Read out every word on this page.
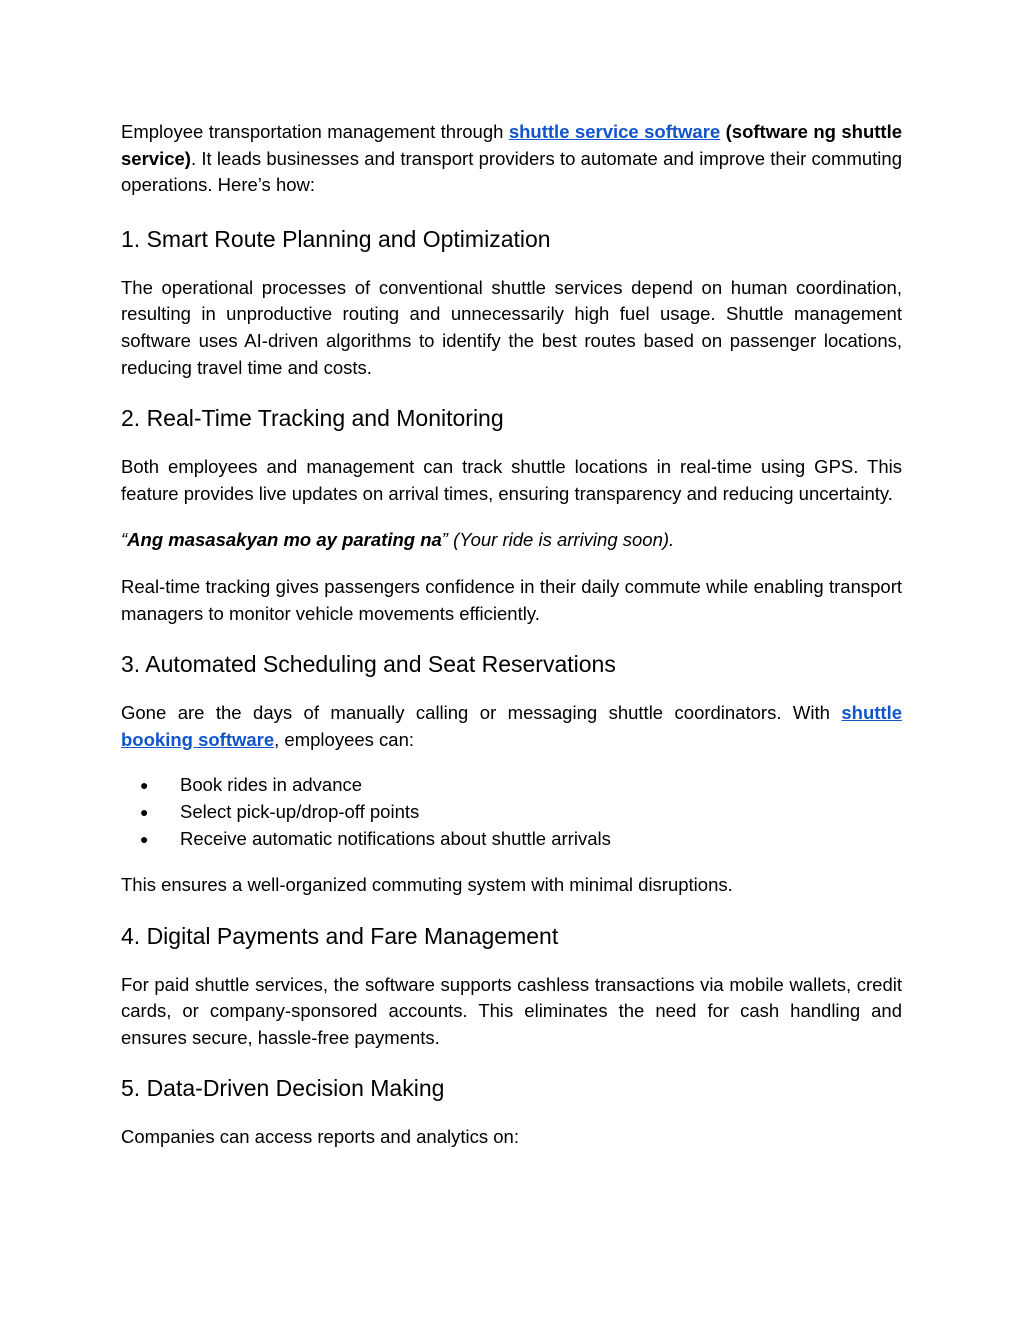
Employee transportation management through shuttle service software (software ng shuttle service). It leads businesses and transport providers to automate and improve their commuting operations. Here’s how:

1. Smart Route Planning and Optimization

The operational processes of conventional shuttle services depend on human coordination, resulting in unproductive routing and unnecessarily high fuel usage. Shuttle management software uses AI-driven algorithms to identify the best routes based on passenger locations, reducing travel time and costs.

2. Real-Time Tracking and Monitoring

Both employees and management can track shuttle locations in real-time using GPS. This feature provides live updates on arrival times, ensuring transparency and reducing uncertainty.

“Ang masasakyan mo ay parating na” (Your ride is arriving soon).

Real-time tracking gives passengers confidence in their daily commute while enabling transport managers to monitor vehicle movements efficiently.

3. Automated Scheduling and Seat Reservations

Gone are the days of manually calling or messaging shuttle coordinators. With shuttle booking software, employees can:

● Book rides in advance
● Select pick-up/drop-off points
● Receive automatic notifications about shuttle arrivals

This ensures a well-organized commuting system with minimal disruptions.

4. Digital Payments and Fare Management

For paid shuttle services, the software supports cashless transactions via mobile wallets, credit cards, or company-sponsored accounts. This eliminates the need for cash handling and ensures secure, hassle-free payments.

5. Data-Driven Decision Making

Companies can access reports and analytics on:
